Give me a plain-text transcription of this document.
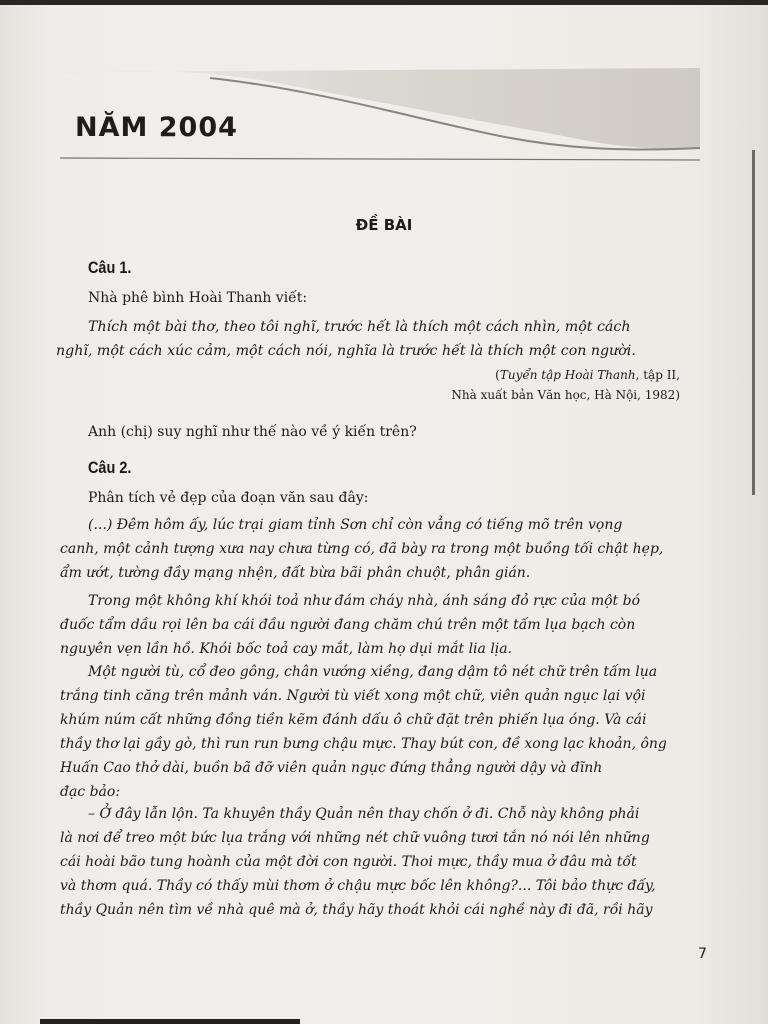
NĂM 2004
ĐỀ BÀI
Câu 1.

Nhà phê bình Hoài Thanh viết:

Thích một bài thơ, theo tôi nghĩ, trước hết là thích một cách nhìn, một cách

nghĩ, một cách xúc cảm, một cách nói, nghĩa là trước hết là thích một con người.

(Tuyển tập Hoài Thanh, tập II,

Nhà xuất bản Văn học, Hà Nội, 1982)

Anh (chị) suy nghĩ như thế nào về ý kiến trên?

Câu 2.

Phân tích vẻ đẹp của đoạn văn sau đây:

(...) Đêm hôm ấy, lúc trại giam tỉnh Sơn chỉ còn vẳng có tiếng mõ trên vọng

canh, một cảnh tượng xưa nay chưa từng có, đã bày ra trong một buồng tối chật hẹp,

ẩm ướt, tường đầy mạng nhện, đất bừa bãi phân chuột, phân gián.

Trong một không khí khói toả như đám cháy nhà, ánh sáng đỏ rực của một bó

đuốc tẩm dầu rọi lên ba cái đầu người đang chăm chú trên một tấm lụa bạch còn

nguyên vẹn lần hồ. Khói bốc toả cay mắt, làm họ dụi mắt lia lịa.

Một người tù, cổ đeo gông, chân vướng xiềng, đang dậm tô nét chữ trên tấm lụa

trắng tinh căng trên mảnh ván. Người tù viết xong một chữ, viên quản ngục lại vội

khúm núm cất những đồng tiền kẽm đánh dấu ô chữ đặt trên phiến lụa óng. Và cái

thầy thơ lại gầy gò, thì run run bưng chậu mực. Thay bút con, đề xong lạc khoản, ông

Huấn Cao thở dài, buồn bã đỡ viên quản ngục đứng thẳng người dậy và đĩnh

đạc bảo:

– Ở đây lẫn lộn. Ta khuyên thầy Quản nên thay chốn ở đi. Chỗ này không phải

là nơi để treo một bức lụa trắng với những nét chữ vuông tươi tắn nó nói lên những

cái hoài bão tung hoành của một đời con người. Thoi mực, thầy mua ở đâu mà tốt

và thơm quá. Thầy có thấy mùi thơm ở chậu mực bốc lên không?... Tôi bảo thực đấy,

thầy Quản nên tìm về nhà quê mà ở, thầy hãy thoát khỏi cái nghề này đi đã, rồi hãy

7
